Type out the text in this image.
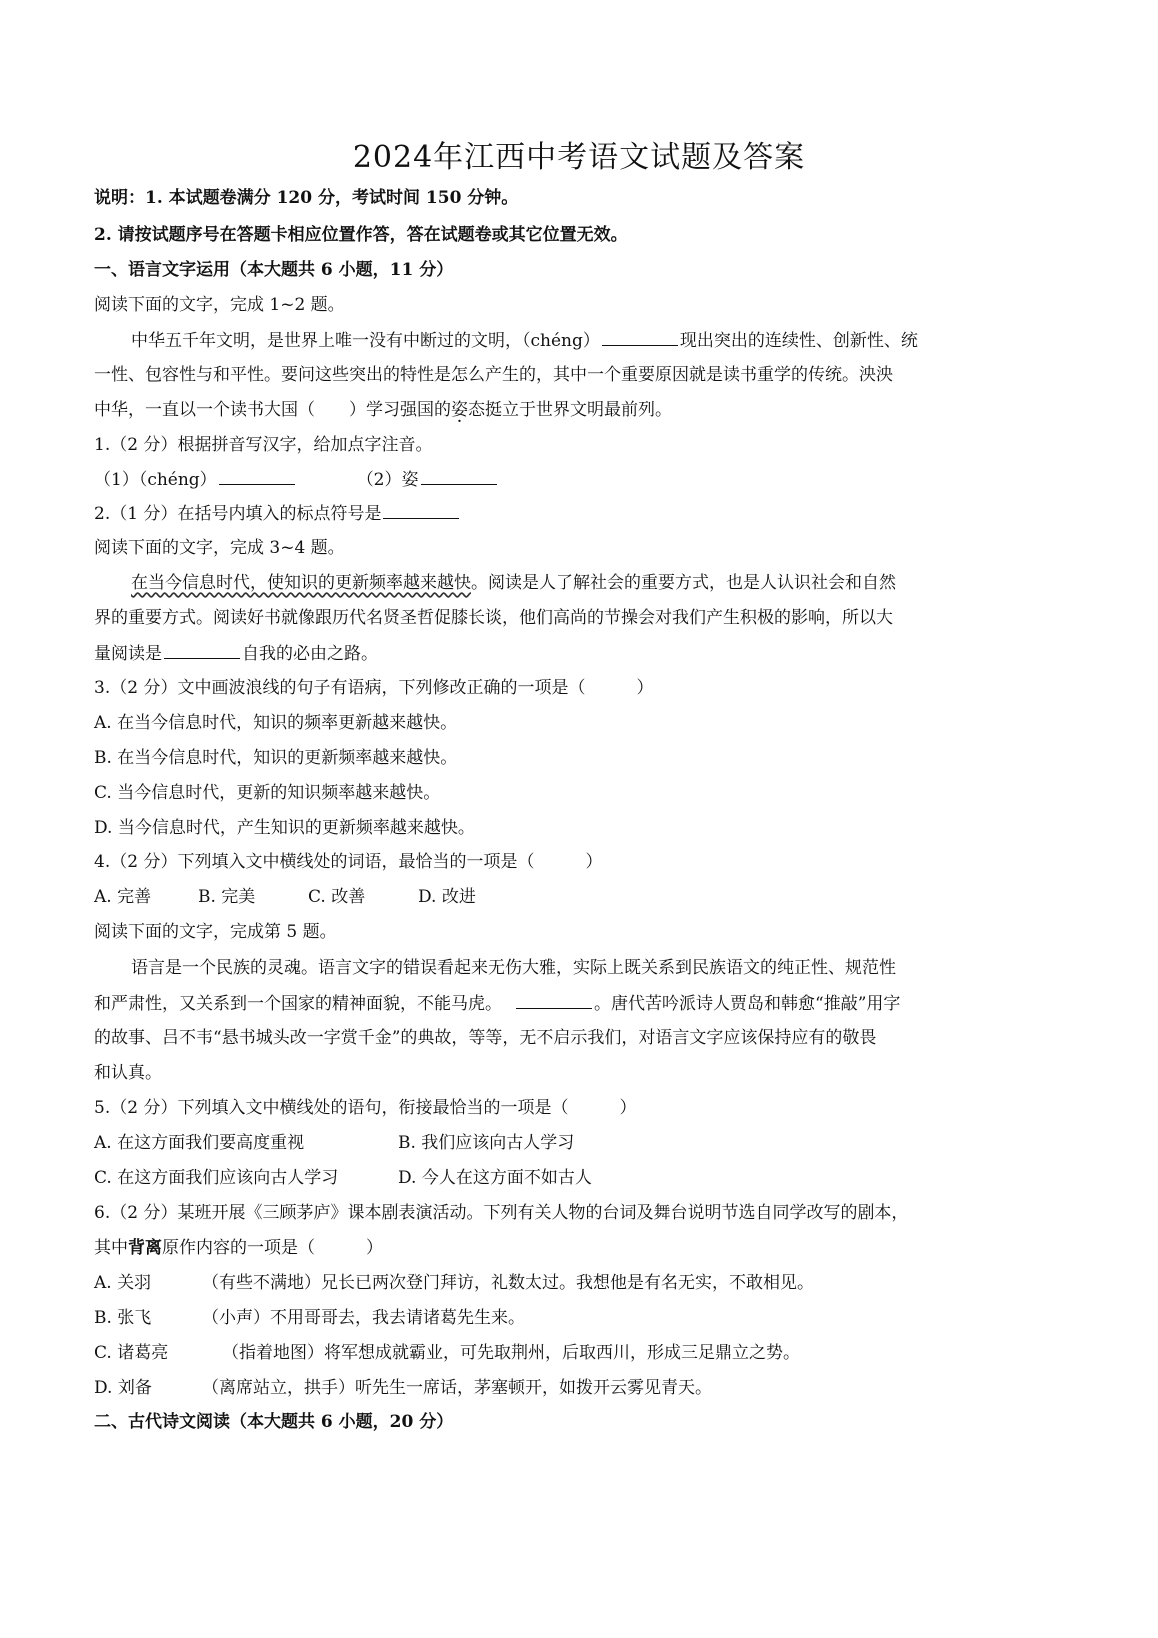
2024年江西中考语文试题及答案
说明：1. 本试题卷满分 120 分，考试时间 150 分钟。
2. 请按试题序号在答题卡相应位置作答，答在试题卷或其它位置无效。
一、语言文字运用（本大题共 6 小题，11 分）
阅读下面的文字，完成 1~2 题。
中华五千年文明，是世界上唯一没有中断过的文明，（chéng）	现出突出的连续性、创新性、统
一性、包容性与和平性。要问这些突出的特性是怎么产生的，其中一个重要原因就是读书重学的传统。泱泱
中华，一直以一个读书大国（　　）学习强国的姿态挺立于世界文明最前列。
1.（2 分）根据拼音写汉字，给加点字注音。
（1）（chéng）	（2）姿
2.（1 分）在括号内填入的标点符号是
阅读下面的文字，完成 3~4 题。
在当今信息时代，使知识的更新频率越来越快。阅读是人了解社会的重要方式，也是人认识社会和自然
界的重要方式。阅读好书就像跟历代名贤圣哲促膝长谈，他们高尚的节操会对我们产生积极的影响，所以大
量阅读是	自我的必由之路。
3.（2 分）文中画波浪线的句子有语病，下列修改正确的一项是（　　　）
A. 在当今信息时代，知识的频率更新越来越快。
B. 在当今信息时代，知识的更新频率越来越快。
C. 当今信息时代，更新的知识频率越来越快。
D. 当今信息时代，产生知识的更新频率越来越快。
4.（2 分）下列填入文中横线处的词语，最恰当的一项是（　　　）
A. 完善	B. 完美	C. 改善	D. 改进
阅读下面的文字，完成第 5 题。
语言是一个民族的灵魂。语言文字的错误看起来无伤大雅，实际上既关系到民族语文的纯正性、规范性
和严肃性，又关系到一个国家的精神面貌，不能马虎。	。唐代苦吟派诗人贾岛和韩愈“推敲”用字
的故事、吕不韦“悬书城头改一字赏千金”的典故，等等，无不启示我们，对语言文字应该保持应有的敬畏
和认真。
5.（2 分）下列填入文中横线处的语句，衔接最恰当的一项是（　　　）
A. 在这方面我们要高度重视	B. 我们应该向古人学习
C. 在这方面我们应该向古人学习	D. 今人在这方面不如古人
6.（2 分）某班开展《三顾茅庐》课本剧表演活动。下列有关人物的台词及舞台说明节选自同学改写的剧本，
其中背离原作内容的一项是（　　　）
A. 关羽	（有些不满地）兄长已两次登门拜访，礼数太过。我想他是有名无实，不敢相见。
B. 张飞	（小声）不用哥哥去，我去请诸葛先生来。
C. 诸葛亮	（指着地图）将军想成就霸业，可先取荆州，后取西川，形成三足鼎立之势。
D. 刘备	（离席站立，拱手）听先生一席话，茅塞顿开，如拨开云雾见青天。
二、古代诗文阅读（本大题共 6 小题，20 分）
